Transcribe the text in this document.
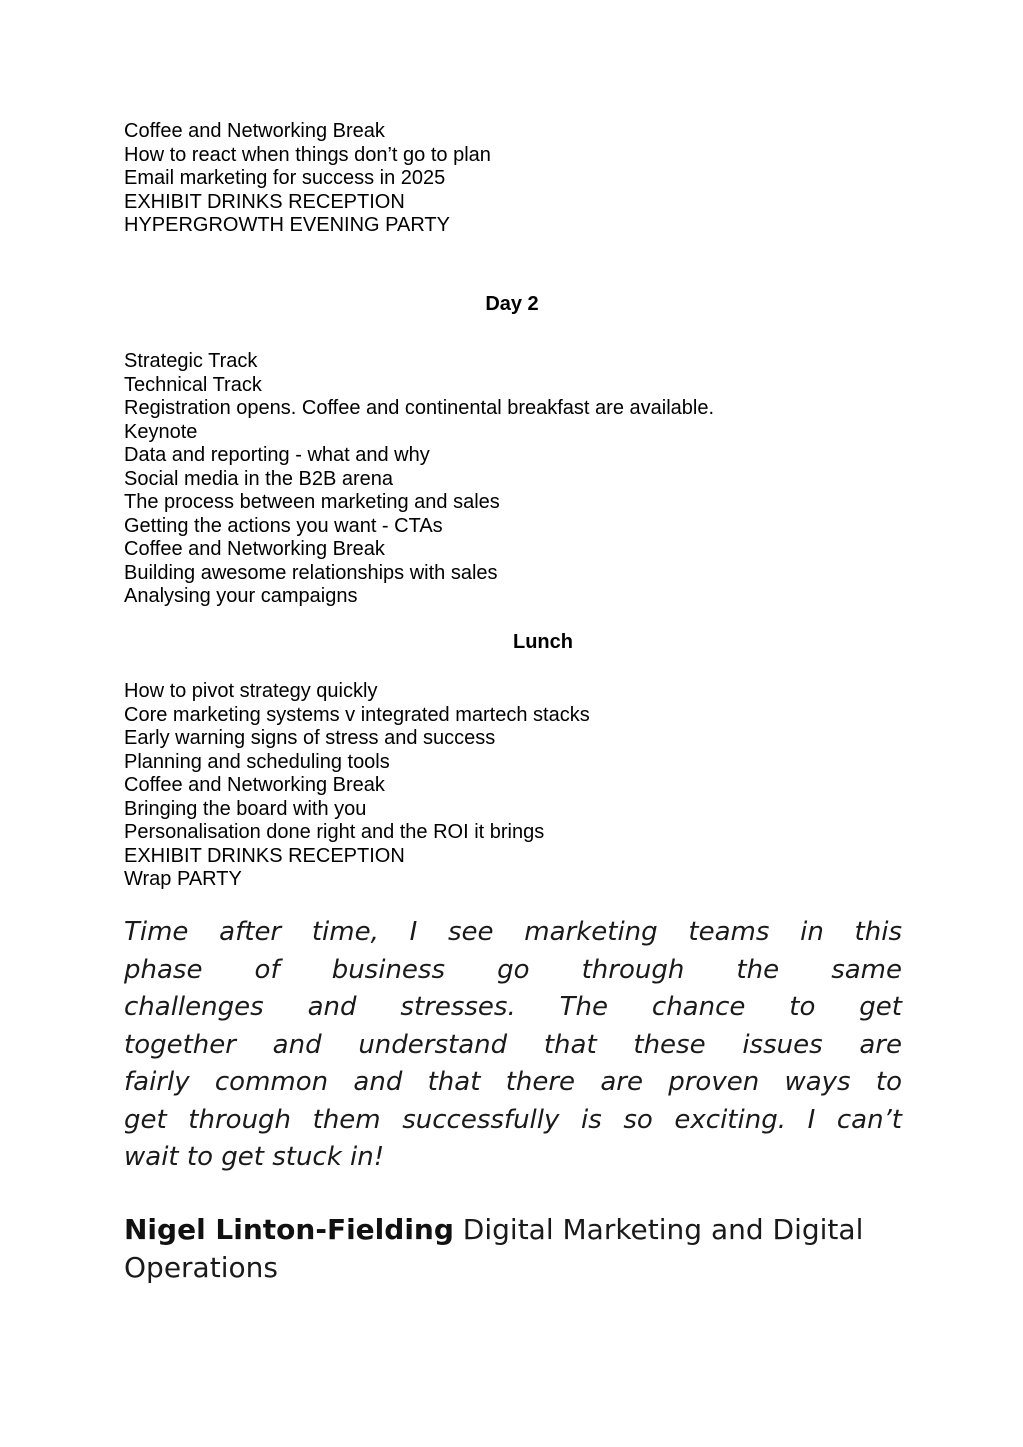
Coffee and Networking Break
How to react when things don’t go to plan
Email marketing for success in 2025
EXHIBIT DRINKS RECEPTION
HYPERGROWTH EVENING PARTY
Day 2
Strategic Track
Technical Track
Registration opens. Coffee and continental breakfast are available.
Keynote
Data and reporting - what and why
Social media in the B2B arena
The process between marketing and sales
Getting the actions you want - CTAs
Coffee and Networking Break
Building awesome relationships with sales
Analysing your campaigns
Lunch
How to pivot strategy quickly
Core marketing systems v integrated martech stacks
Early warning signs of stress and success
Planning and scheduling tools
Coffee and Networking Break
Bringing the board with you
Personalisation done right and the ROI it brings
EXHIBIT DRINKS RECEPTION
Wrap PARTY
Time after time, I see marketing teams in this
phase of business go through the same
challenges and stresses. The chance to get
together and understand that these issues are
fairly common and that there are proven ways to
get through them successfully is so exciting. I can’t
wait to get stuck in!
Nigel Linton-Fielding Digital Marketing and Digital Operations
